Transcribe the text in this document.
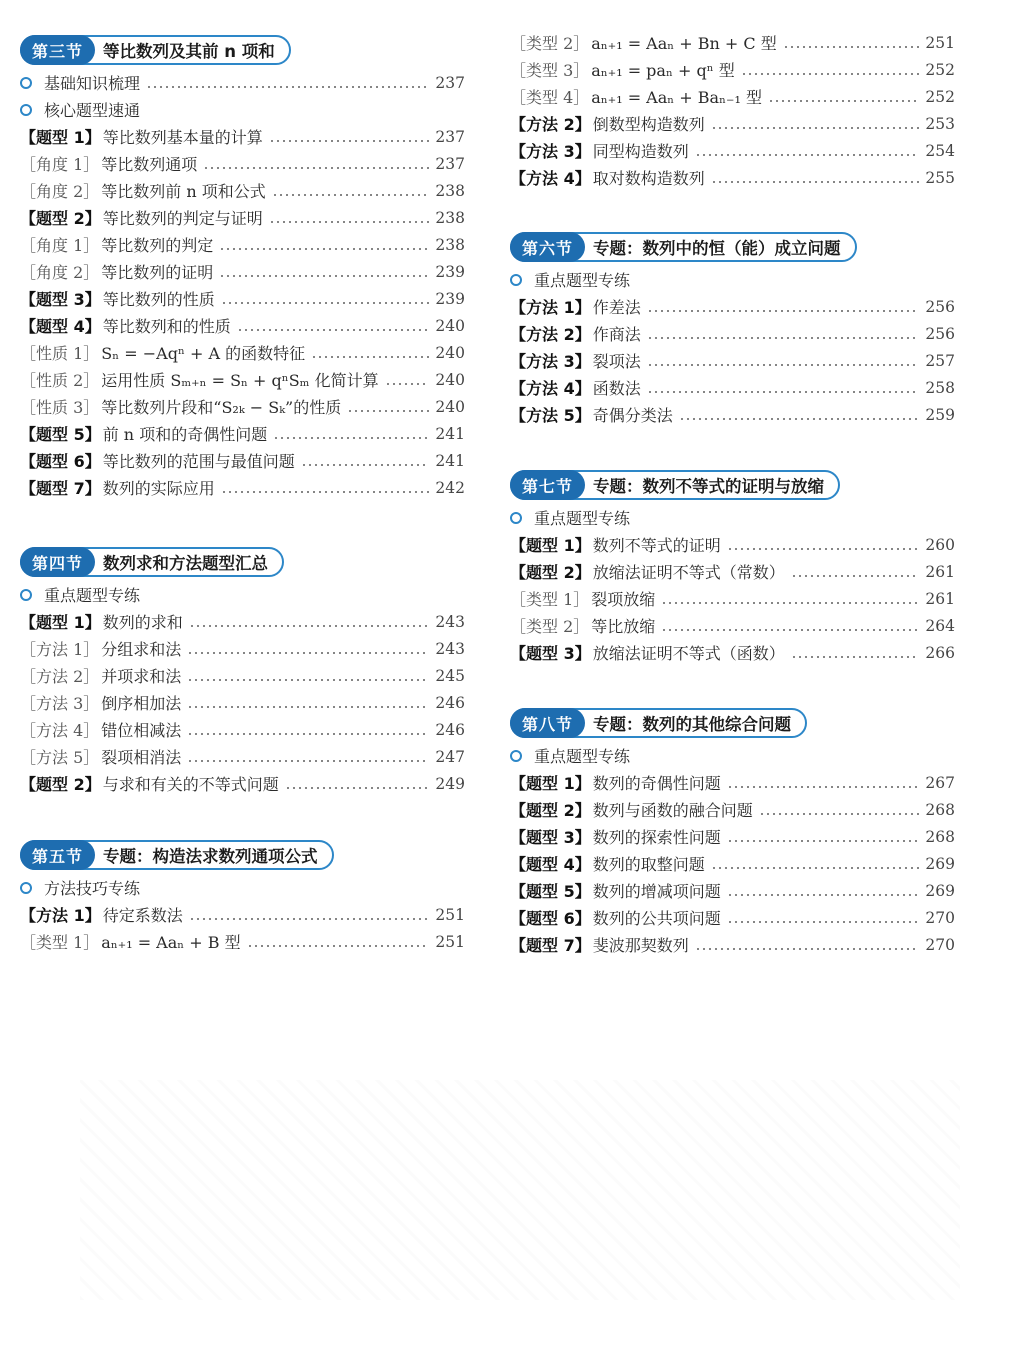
第三节	等比数列及其前 n 项和
基础知识梳理	237
核心题型速通
【题型 1】 等比数列基本量的计算	237
［角度 1］ 等比数列通项	237
［角度 2］ 等比数列前 n 项和公式	238
【题型 2】 等比数列的判定与证明	238
［角度 1］ 等比数列的判定	238
［角度 2］ 等比数列的证明	239
【题型 3】 等比数列的性质	239
【题型 4】 等比数列和的性质	240
［性质 1］ Sₙ = −Aqⁿ + A 的函数特征	240
［性质 2］ 运用性质 Sₘ₊ₙ = Sₙ + qⁿSₘ 化简计算	240
［性质 3］ 等比数列片段和“S₂ₖ − Sₖ”的性质	240
【题型 5】 前 n 项和的奇偶性问题	241
【题型 6】 等比数列的范围与最值问题	241
【题型 7】 数列的实际应用	242
第四节	数列求和方法题型汇总
重点题型专练
【题型 1】 数列的求和	243
［方法 1］ 分组求和法	243
［方法 2］ 并项求和法	245
［方法 3］ 倒序相加法	246
［方法 4］ 错位相减法	246
［方法 5］ 裂项相消法	247
【题型 2】 与求和有关的不等式问题	249
第五节	专题：构造法求数列通项公式
方法技巧专练
【方法 1】 待定系数法	251
［类型 1］ aₙ₊₁ = Aaₙ + B 型	251
［类型 2］ aₙ₊₁ = Aaₙ + Bn + C 型	251
［类型 3］ aₙ₊₁ = paₙ + qⁿ 型	252
［类型 4］ aₙ₊₁ = Aaₙ + Baₙ₋₁ 型	252
【方法 2】 倒数型构造数列	253
【方法 3】 同型构造数列	254
【方法 4】 取对数构造数列	255
第六节	专题：数列中的恒（能）成立问题
重点题型专练
【方法 1】 作差法	256
【方法 2】 作商法	256
【方法 3】 裂项法	257
【方法 4】 函数法	258
【方法 5】 奇偶分类法	259
第七节	专题：数列不等式的证明与放缩
重点题型专练
【题型 1】 数列不等式的证明	260
【题型 2】 放缩法证明不等式（常数）	261
［类型 1］ 裂项放缩	261
［类型 2］ 等比放缩	264
【题型 3】 放缩法证明不等式（函数）	266
第八节	专题：数列的其他综合问题
重点题型专练
【题型 1】 数列的奇偶性问题	267
【题型 2】 数列与函数的融合问题	268
【题型 3】 数列的探索性问题	268
【题型 4】 数列的取整问题	269
【题型 5】 数列的增减项问题	269
【题型 6】 数列的公共项问题	270
【题型 7】 斐波那契数列	270
